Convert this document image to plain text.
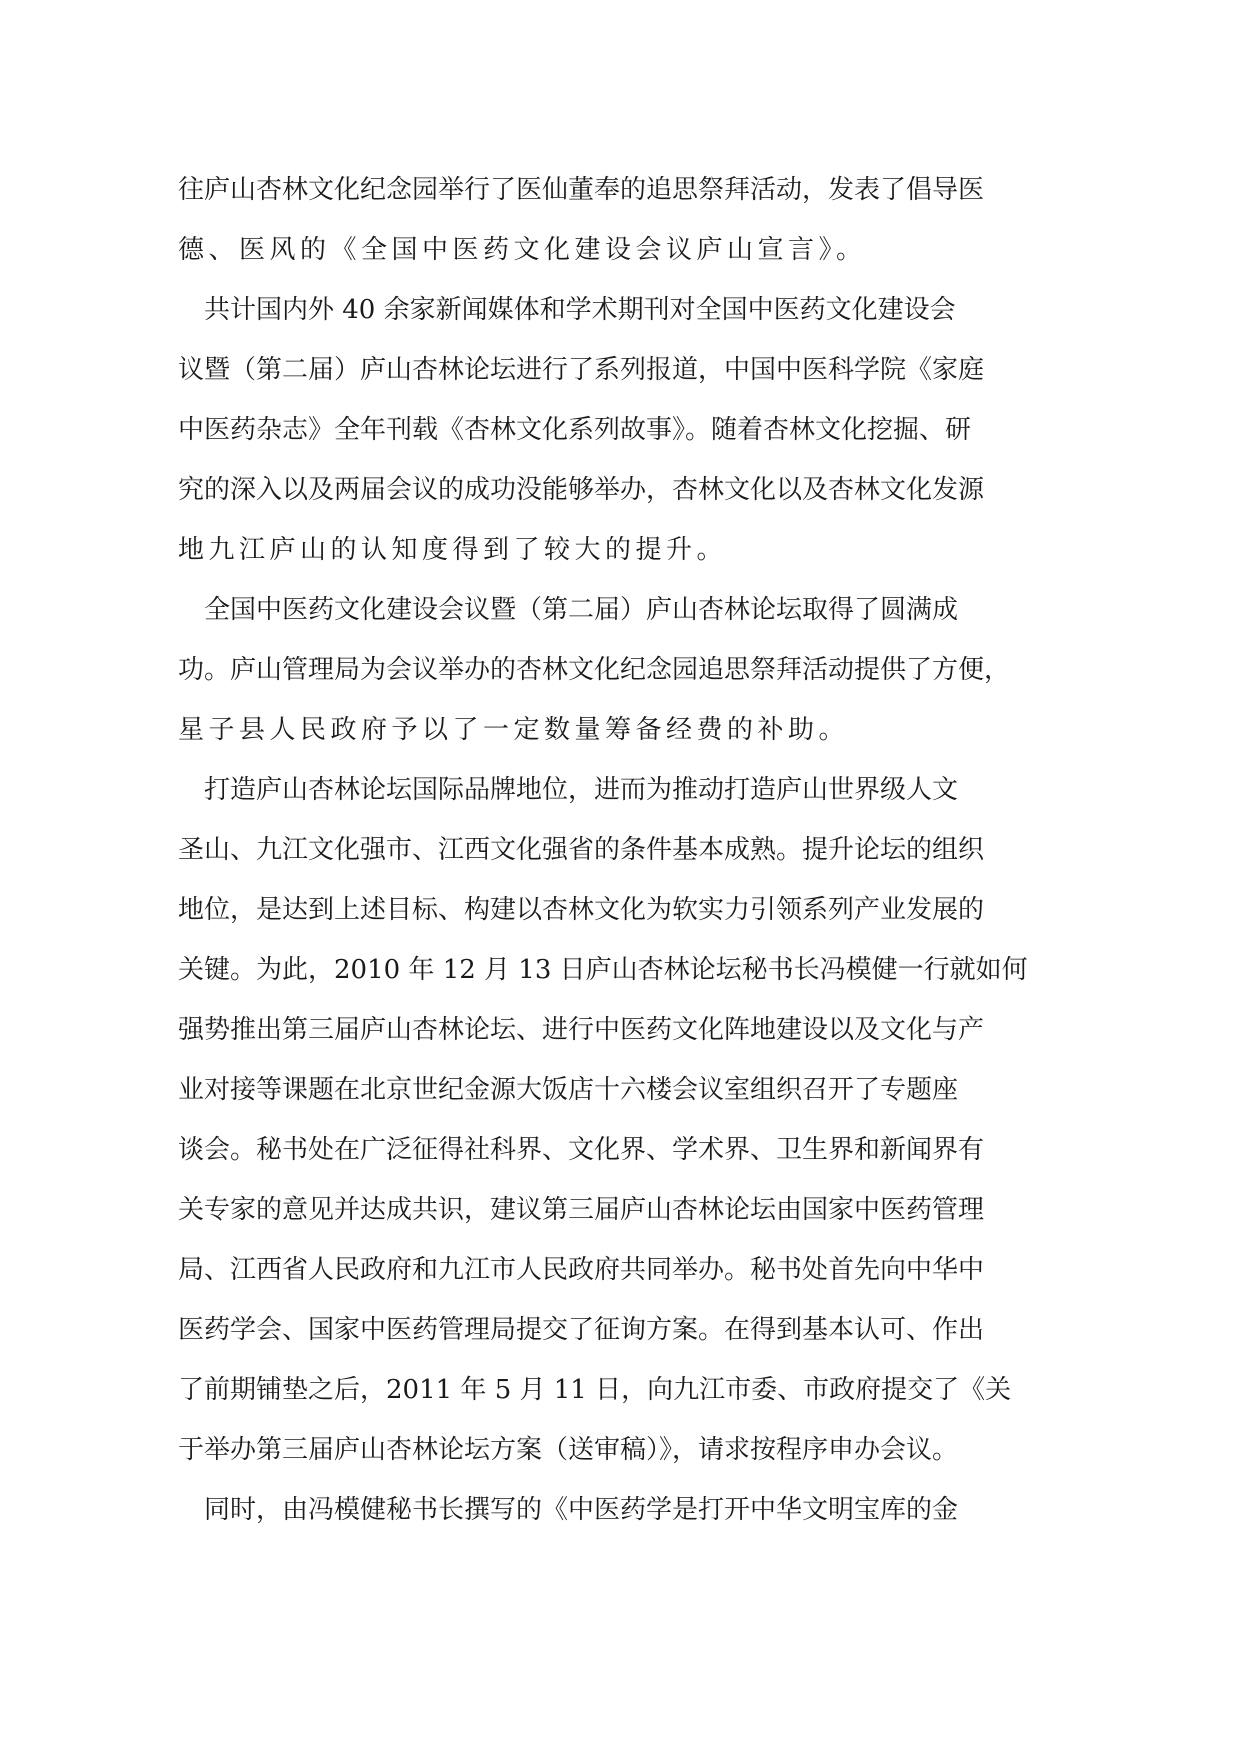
往庐山杏林文化纪念园举行了医仙董奉的追思祭拜活动，发表了倡导医
德、医风的《全国中医药文化建设会议庐山宣言》。
　共计国内外 40 余家新闻媒体和学术期刊对全国中医药文化建设会
议暨（第二届）庐山杏林论坛进行了系列报道，中国中医科学院《家庭
中医药杂志》全年刊载《杏林文化系列故事》。随着杏林文化挖掘、研
究的深入以及两届会议的成功没能够举办，杏林文化以及杏林文化发源
地九江庐山的认知度得到了较大的提升。
　全国中医药文化建设会议暨（第二届）庐山杏林论坛取得了圆满成
功。庐山管理局为会议举办的杏林文化纪念园追思祭拜活动提供了方便，
星子县人民政府予以了一定数量筹备经费的补助。
　打造庐山杏林论坛国际品牌地位，进而为推动打造庐山世界级人文
圣山、九江文化强市、江西文化强省的条件基本成熟。提升论坛的组织
地位，是达到上述目标、构建以杏林文化为软实力引领系列产业发展的
关键。为此，2010 年 12 月 13 日庐山杏林论坛秘书长冯模健一行就如何
强势推出第三届庐山杏林论坛、进行中医药文化阵地建设以及文化与产
业对接等课题在北京世纪金源大饭店十六楼会议室组织召开了专题座
谈会。秘书处在广泛征得社科界、文化界、学术界、卫生界和新闻界有
关专家的意见并达成共识，建议第三届庐山杏林论坛由国家中医药管理
局、江西省人民政府和九江市人民政府共同举办。秘书处首先向中华中
医药学会、国家中医药管理局提交了征询方案。在得到基本认可、作出
了前期铺垫之后，2011 年 5 月 11 日，向九江市委、市政府提交了《关
于举办第三届庐山杏林论坛方案（送审稿）》，请求按程序申办会议。
　同时，由冯模健秘书长撰写的《中医药学是打开中华文明宝库的金
